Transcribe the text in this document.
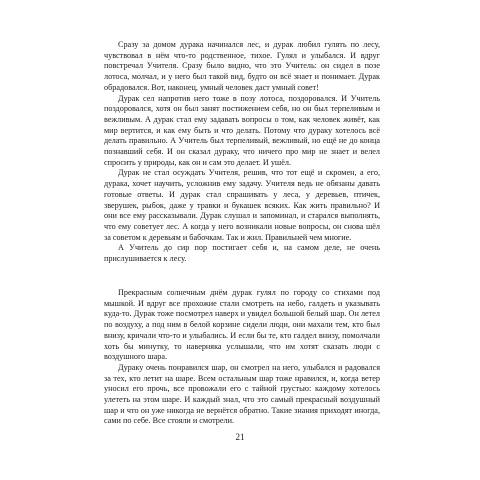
Сразу за домом дурака начинался лес, и дурак любил гулять по лесу, чувствовал в нём что-то родственное, тихое. Гулял и улыбался. И вдруг повстречал Учителя. Сразу было видно, что это Учитель: он сидел в позе лотоса, молчал, и у него был такой вид, будто он всё знает и понимает. Дурак обрадовался. Вот, наконец, умный человек даст умный совет!

Дурак сел напротив него тоже в позу лотоса, поздоровался. И Учитель поздоровался, хотя он был занят постижением себя, но он был терпеливым и вежливым. А дурак стал ему задавать вопросы о том, как человек живёт, как мир вертится, и как ему быть и что делать. Потому что дураку хотелось всё делать правильно. А Учитель был терпеливый, вежливый, но ещё не до конца познавший себя. И он сказал дураку, что ничего про мир не знает и велел спросить у природы, как он и сам это делает. И ушёл.

Дурак не стал осуждать Учителя, решив, что тот ещё и скромен, а его, дурака, хочет научить, усложнив ему задачу. Учителя ведь не обязаны давать готовые ответы. И дурак стал спрашивать у леса, у деревьев, птичек, зверушек, рыбок, даже у травки и букашек всяких. Как жить правильно? И они все ему рассказывали. Дурак слушал и запоминал, и старался выполнять, что ему советует лес. А когда у него возникали новые вопросы, он снова шёл за советом к деревьям и бабочкам. Так и жил. Правильней чем многие.

А Учитель до сир пор постигает себя и, на самом деле, не очень прислушивается к лесу.

Прекрасным солнечным днём дурак гулял по городу со стихами под мышкой. И вдруг все прохожие стали смотреть на небо, галдеть и указывать куда-то. Дурак тоже посмотрел наверх и увидел большой белый шар. Он летел по воздуху, а под ним в белой корзине сидели люди, они махали тем, кто был внизу, кричали что-то и улыбались. И если бы те, кто галдел внизу, помолчали хоть бы минутку, то наверняка услышали, что им хотят сказать люди с воздушного шара.

Дураку очень понравился шар, он смотрел на него, улыбался и радовался за тех, кто летит на шаре. Всем остальным шар тоже нравился, и, когда ветер уносил его прочь, все провожали его с тайной грустью: каждому хотелось улететь на этом шаре. И каждый знал, что это самый прекрасный воздушный шар и что он уже никогда не вернётся обратно. Такие знания приходят иногда, сами по себе. Все стояли и смотрели.

21
